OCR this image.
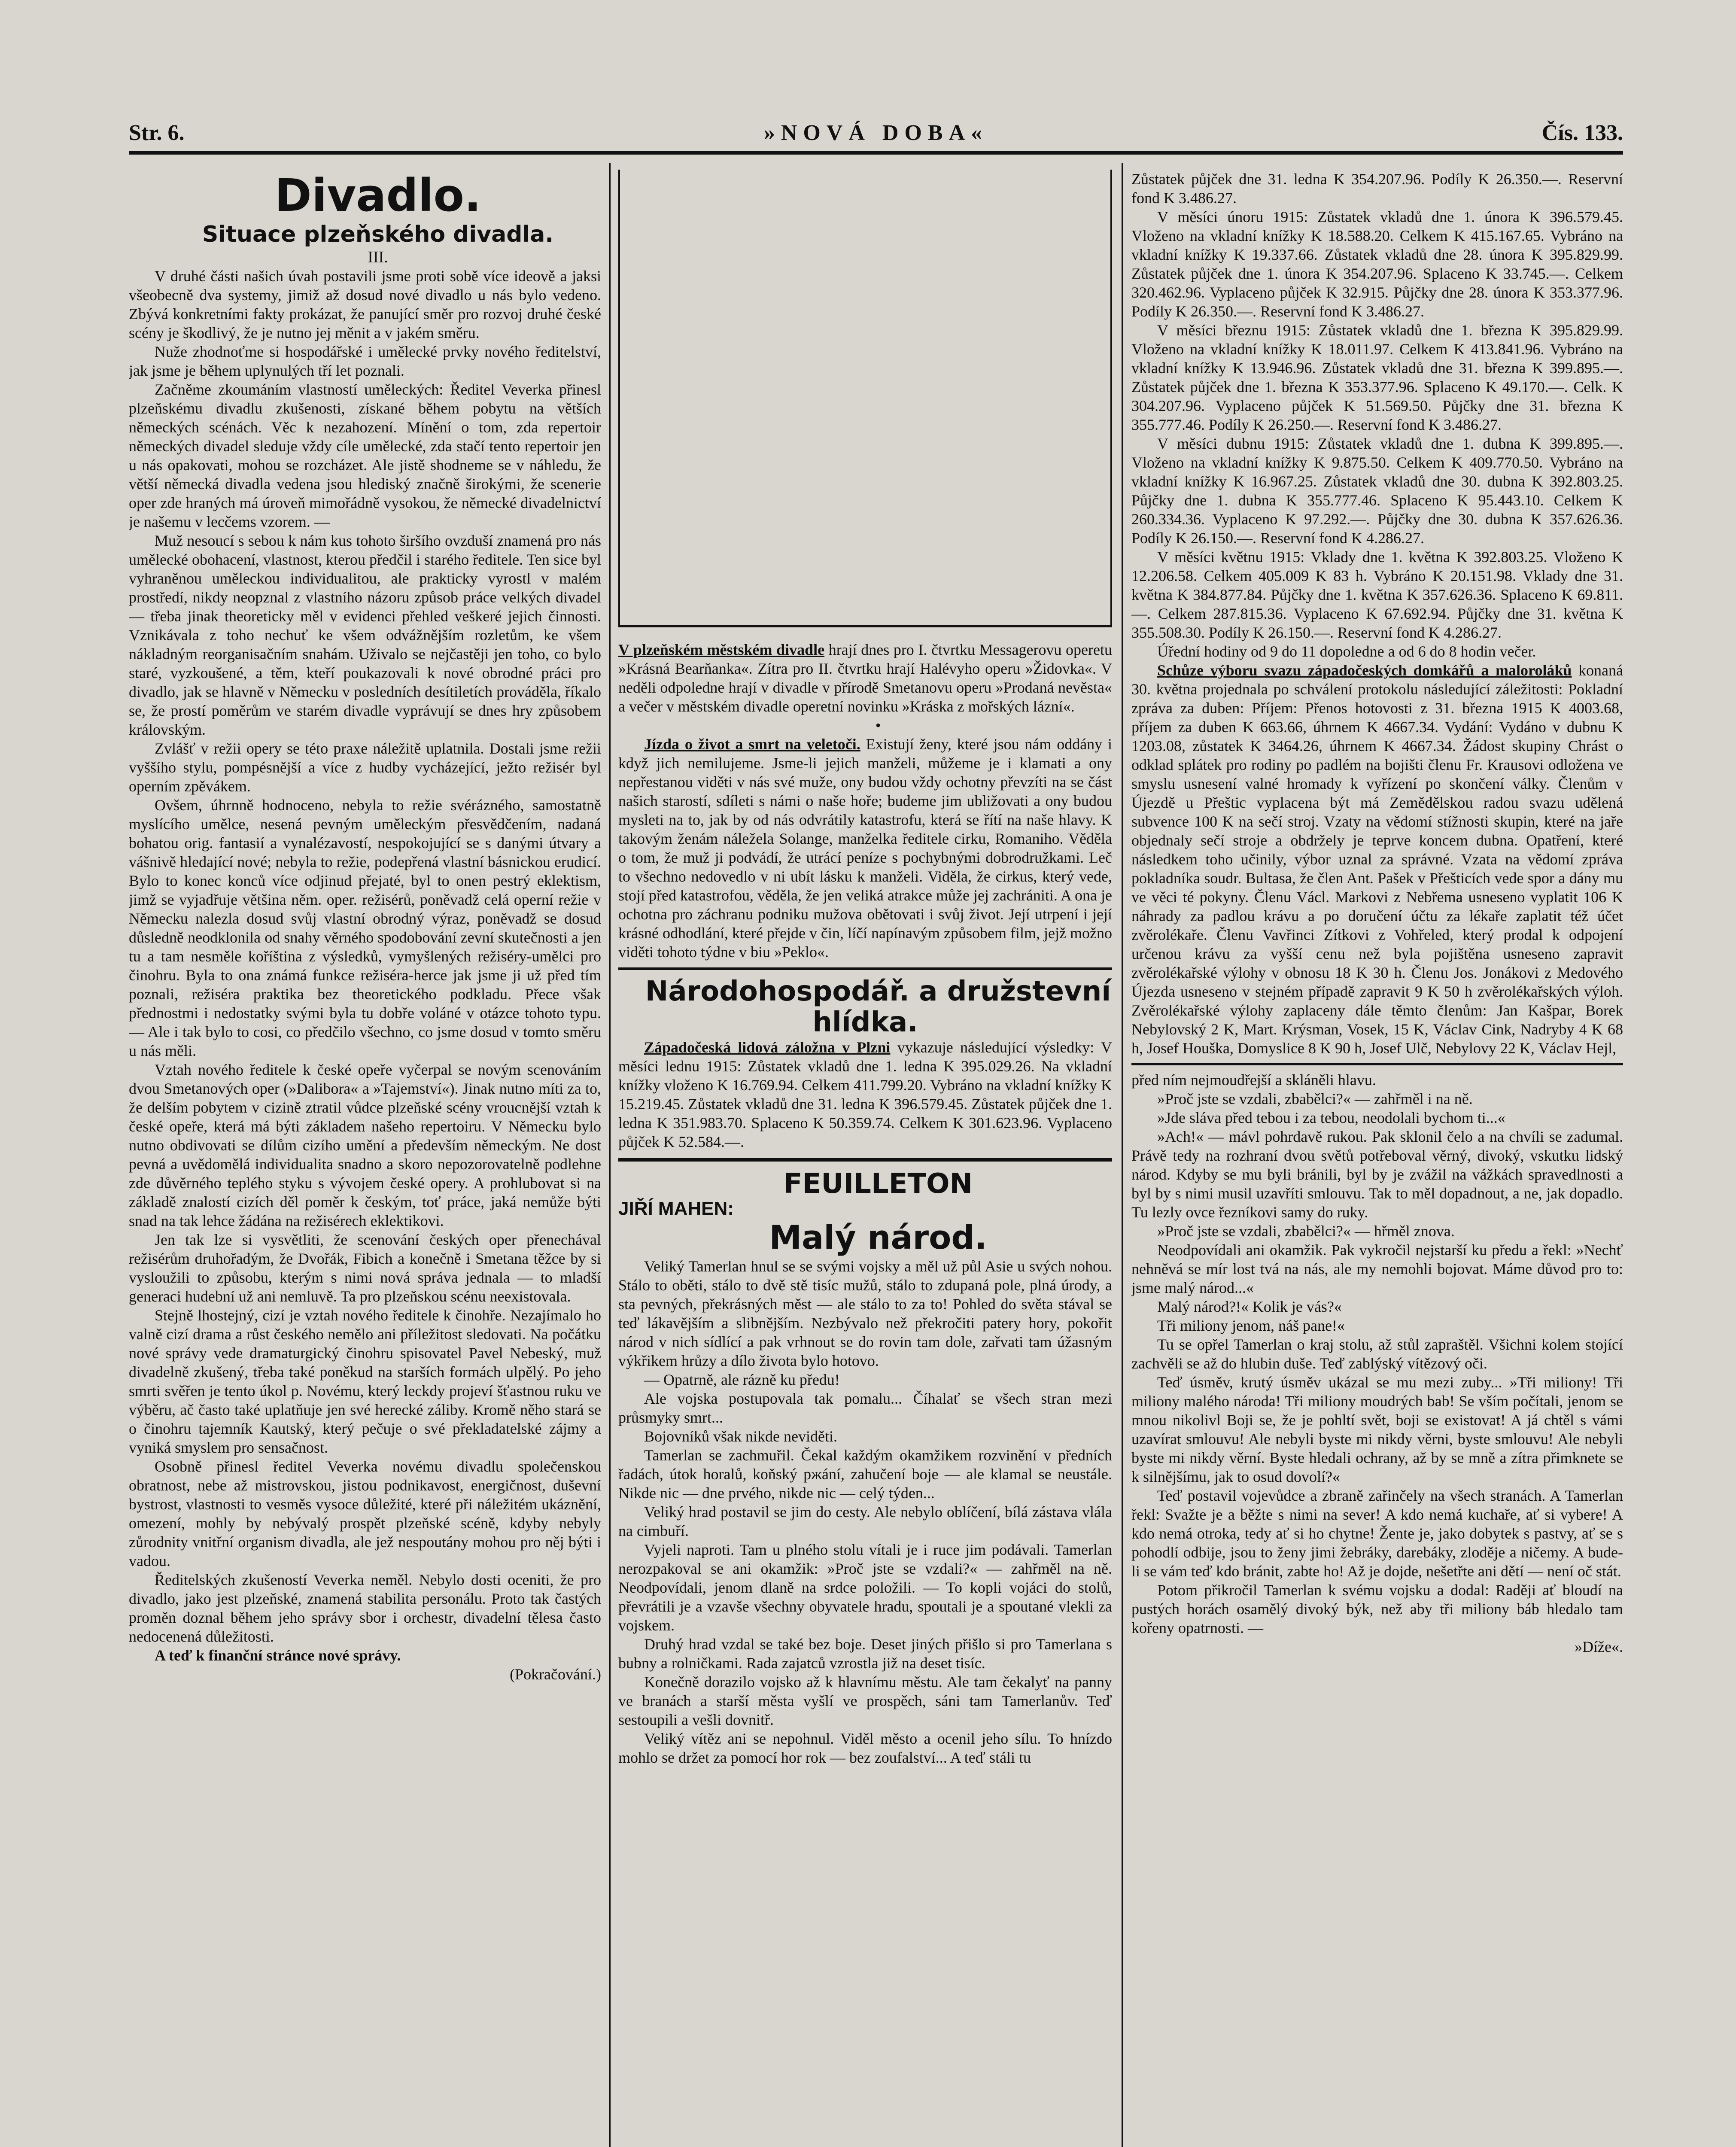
Str. 6.	»NOVÁ DOBA«	Čís. 133.

Divadlo.

Situace plzeňského divadla.

III.

V druhé části našich úvah postavili jsme proti sobě více ideově a jaksi všeobecně dva systemy, jimiž až dosud nové divadlo u nás bylo vedeno. Zbývá konkretními fakty prokázat, že panující směr pro rozvoj druhé české scény je škodlivý, že je nutno jej měnit a v jakém směru.

Nuže zhodnoťme si hospodářské i umělecké prvky nového ředitelství, jak jsme je během uplynulých tří let poznali.

Začněme zkoumáním vlastností uměleckých: Ředitel Veverka přinesl plzeňskému divadlu zkušenosti, získané během pobytu na větších německých scénách. Věc k nezahození. Mínění o tom, zda repertoir německých divadel sleduje vždy cíle umělecké, zda stačí tento repertoir jen u nás opakovati, mohou se rozcházet. Ale jistě shodneme se v náhledu, že větší německá divadla vedena jsou hlediský značně širokými, že scenerie oper zde hraných má úroveň mimořádně vysokou, že německé divadelnictví je našemu v lecčems vzorem. —

Muž nesoucí s sebou k nám kus tohoto širšího ovzduší znamená pro nás umělecké obohacení, vlastnost, kterou předčil i starého ředitele. Ten sice byl vyhraněnou uměleckou individualitou, ale prakticky vyrostl v malém prostředí, nikdy neopznal z vlastního názoru způsob práce velkých divadel — třeba jinak theoreticky měl v evidenci přehled veškeré jejich činnosti. Vznikávala z toho nechuť ke všem odvážnějším rozletům, ke všem nákladným reorganisačním snahám. Uživalo se nejčastěji jen toho, co bylo staré, vyzkoušené, a těm, kteří poukazovali k nové obrodné práci pro divadlo, jak se hlavně v Německu v posledních desítiletích prováděla, říkalo se, že prostí poměrům ve starém divadle vyprávují se dnes hry způsobem královským.

Zvlášť v režii opery se této praxe náležitě uplatnila. Dostali jsme režii vyššího stylu, pompésnější a více z hudby vycházející, ježto režisér byl operním zpěvákem.

Ovšem, úhrnně hodnoceno, nebyla to režie svérázného, samostatně myslícího umělce, nesená pevným uměleckým přesvědčením, nadaná bohatou orig. fantasií a vynalézavostí, nespokojující se s danými útvary a vášnivě hledající nové; nebyla to režie, podepřená vlastní básnickou erudicí. Bylo to konec konců více odjinud přejaté, byl to onen pestrý eklektism, jimž se vyjadřuje většina něm. oper. režisérů, poněvadž celá operní režie v Německu nalezla dosud svůj vlastní obrodný výraz, poněvadž se dosud důsledně neodklonila od snahy věrného spodobování zevní skutečnosti a jen tu a tam nesměle koříština z výsledků, vymyšlených režiséry-umělci pro činohru. Byla to ona známá funkce režiséra-herce jak jsme ji už před tím poznali, režiséra praktika bez theoretického podkladu. Přece však přednostmi i nedostatky svými byla tu dobře voláné v otázce tohoto typu. — Ale i tak bylo to cosi, co předčilo všechno, co jsme dosud v tomto směru u nás měli.

Vztah nového ředitele k české opeře vyčerpal se novým scenováním dvou Smetanových oper (»Dalibora« a »Tajemství«). Jinak nutno míti za to, že delším pobytem v cizině ztratil vůdce plzeňské scény vroucnější vztah k české opeře, která má býti základem našeho repertoiru. V Německu bylo nutno obdivovati se dílům cizího umění a především německým. Ne dost pevná a uvědomělá individualita snadno a skoro nepozorovatelně podlehne zde důvěrného teplého styku s vývojem české opery. A prohlubovat si na základě znalostí cizích děl poměr k českým, toť práce, jaká nemůže býti snad na tak lehce žádána na režisérech eklektikovi.

Jen tak lze si vysvětliti, že scenování českých oper přenechával režisérům druhořadým, že Dvořák, Fibich a konečně i Smetana těžce by si vysloužili to způsobu, kterým s nimi nová správa jednala — to mladší generaci hudební už ani nemluvě. Ta pro plzeňskou scénu neexistovala.

Stejně lhostejný, cizí je vztah nového ředitele k činohře. Nezajímalo ho valně cizí drama a růst českého nemělo ani příležitost sledovati. Na počátku nové správy vede dramaturgický činohru spisovatel Pavel Nebeský, muž divadelně zkušený, třeba také poněkud na starších formách ulpělý. Po jeho smrti svěřen je tento úkol p. Novému, který leckdy projeví šťastnou ruku ve výběru, ač často také uplatňuje jen své herecké záliby. Kromě něho stará se o činohru tajemník Kautský, který pečuje o své překladatelské zájmy a vyniká smyslem pro sensačnost.

Osobně přinesl ředitel Veverka novému divadlu společenskou obratnost, nebe až mistrovskou, jistou podnikavost, energičnost, duševní bystrost, vlastnosti to vesměs vysoce důležité, které při náležitém ukáznění, omezení, mohly by nebývalý prospět plzeňské scéně, kdyby nebyly zůrodnity vnitřní organism divadla, ale jež nespoutány mohou pro něj býti i vadou.

Ředitelských zkušeností Veverka neměl. Nebylo dosti oceniti, že pro divadlo, jako jest plzeňské, znamená stabilita personálu. Proto tak častých proměn doznal během jeho správy sbor i orchestr, divadelní tělesa často nedocenená důležitosti.

A teď k finanční stránce nové správy.

(Pokračování.)

V plzeňském městském divadle hrají dnes pro I. čtvrtku Messagerovu operetu »Krásná Bearňanka«. Zítra pro II. čtvrtku hrají Halévyho operu »Židovka«. V neděli odpoledne hrají v divadle v přírodě Smetanovu operu »Prodaná nevěsta« a večer v městském divadle operetní novinku »Kráska z mořských lázní«.

•

Jízda o život a smrt na veletoči. Existují ženy, které jsou nám oddány i když jich nemilujeme. Jsme-li jejich manželi, můžeme je i klamati a ony nepřestanou viděti v nás své muže, ony budou vždy ochotny převzíti na se část našich starostí, sdíleti s námi o naše hoře; budeme jim ubližovati a ony budou mysleti na to, jak by od nás odvrátily katastrofu, která se řítí na naše hlavy. K takovým ženám náležela Solange, manželka ředitele cirku, Romaniho. Věděla o tom, že muž ji podvádí, že utrácí peníze s pochybnými dobrodružkami. Leč to všechno nedovedlo v ni ubít lásku k manželi. Viděla, že cirkus, který vede, stojí před katastrofou, věděla, že jen veliká atrakce může jej zachrániti. A ona je ochotna pro záchranu podniku mužova obětovati i svůj život. Její utrpení i její krásné odhodlání, které přejde v čin, líčí napínavým způsobem film, jejž možno viděti tohoto týdne v biu »Peklo«.

Národohospodář. a družstevní hlídka.

Západočeská lidová záložna v Plzni vykazuje následující výsledky: V měsíci lednu 1915: Zůstatek vkladů dne 1. ledna K 395.029.26. Na vkladní knížky vloženo K 16.769.94. Celkem 411.799.20. Vybráno na vkladní knížky K 15.219.45. Zůstatek vkladů dne 31. ledna K 396.579.45. Zůstatek půjček dne 1. ledna K 351.983.70. Splaceno K 50.359.74. Celkem K 301.623.96. Vyplaceno půjček K 52.584.—.

FEUILLETON

JIŘÍ MAHEN:

Malý národ.

Veliký Tamerlan hnul se se svými vojsky a měl už půl Asie u svých nohou. Stálo to oběti, stálo to dvě stě tisíc mužů, stálo to zdupaná pole, plná úrody, a sta pevných, překrásných měst — ale stálo to za to! Pohled do světa stával se teď lákavějším a slibnějším. Nezbývalo než překročiti patery hory, pokořit národ v nich sídlící a pak vrhnout se do rovin tam dole, zařvati tam úžasným výkřikem hrůzy a dílo života bylo hotovo.

— Opatrně, ale rázně ku předu!

Ale vojska postupovala tak pomalu... Číhalať se všech stran mezi průsmyky smrt...

Bojovníků však nikde neviděti.

Tamerlan se zachmuřil. Čekal každým okamžikem rozvinění v předních řadách, útok horalů, koňský ржání, zahučení boje — ale klamal se neustále. Nikde nic — dne prvého, nikde nic — celý týden...

Veliký hrad postavil se jim do cesty. Ale nebylo oblíčení, bílá zástava vlála na cimbuří.

Vyjeli naproti. Tam u plného stolu vítali je i ruce jim podávali. Tamerlan nerozpakoval se ani okamžik: »Proč jste se vzdali?« — zahřměl na ně. Neodpovídali, jenom dlaně na srdce položili. — To kopli vojáci do stolů, převrátili je a vzavše všechny obyvatele hradu, spoutali je a spoutané vlekli za vojskem.

Druhý hrad vzdal se také bez boje. Deset jiných přišlo si pro Tamerlana s bubny a rolničkami. Rada zajatců vzrostla již na deset tisíc.

Konečně dorazilo vojsko až k hlavnímu městu. Ale tam čekalyť na panny ve branách a starší města vyšlí ve prospěch, sáni tam Tamerlanův. Teď sestoupili a vešli dovnitř.

Veliký vítěz ani se nepohnul. Viděl město a ocenil jeho sílu. To hnízdo mohlo se držet za pomocí hor rok — bez zoufalství... A teď stáli tu

Zůstatek půjček dne 31. ledna K 354.207.96. Podíly K 26.350.—. Reservní fond K 3.486.27.

V měsíci únoru 1915: Zůstatek vkladů dne 1. února K 396.579.45. Vloženo na vkladní knížky K 18.588.20. Celkem K 415.167.65. Vybráno na vkladní knížky K 19.337.66. Zůstatek vkladů dne 28. února K 395.829.99. Zůstatek půjček dne 1. února K 354.207.96. Splaceno K 33.745.—. Celkem 320.462.96. Vyplaceno půjček K 32.915. Půjčky dne 28. února K 353.377.96. Podíly K 26.350.—. Reservní fond K 3.486.27.

V měsíci březnu 1915: Zůstatek vkladů dne 1. března K 395.829.99. Vloženo na vkladní knížky K 18.011.97. Celkem K 413.841.96. Vybráno na vkladní knížky K 13.946.96. Zůstatek vkladů dne 31. března K 399.895.—. Zůstatek půjček dne 1. března K 353.377.96. Splaceno K 49.170.—. Celk. K 304.207.96. Vyplaceno půjček K 51.569.50. Půjčky dne 31. března K 355.777.46. Podíly K 26.250.—. Reservní fond K 3.486.27.

V měsíci dubnu 1915: Zůstatek vkladů dne 1. dubna K 399.895.—. Vloženo na vkladní knížky K 9.875.50. Celkem K 409.770.50. Vybráno na vkladní knížky K 16.967.25. Zůstatek vkladů dne 30. dubna K 392.803.25. Půjčky dne 1. dubna K 355.777.46. Splaceno K 95.443.10. Celkem K 260.334.36. Vyplaceno K 97.292.—. Půjčky dne 30. dubna K 357.626.36. Podíly K 26.150.—. Reservní fond K 4.286.27.

V měsíci květnu 1915: Vklady dne 1. května K 392.803.25. Vloženo K 12.206.58. Celkem 405.009 K 83 h. Vybráno K 20.151.98. Vklady dne 31. května K 384.877.84. Půjčky dne 1. května K 357.626.36. Splaceno K 69.811.—. Celkem 287.815.36. Vyplaceno K 67.692.94. Půjčky dne 31. května K 355.508.30. Podíly K 26.150.—. Reservní fond K 4.286.27.

Úřední hodiny od 9 do 11 dopoledne a od 6 do 8 hodin večer.

Schůze výboru svazu západočeských domkářů a maloroláků konaná 30. května projednala po schválení protokolu následující záležitosti: Pokladní zpráva za duben: Příjem: Přenos hotovosti z 31. března 1915 K 4003.68, příjem za duben K 663.66, úhrnem K 4667.34. Vydání: Vydáno v dubnu K 1203.08, zůstatek K 3464.26, úhrnem K 4667.34. Žádost skupiny Chrást o odklad splátek pro rodiny po padlém na bojišti členu Fr. Krausovi odložena ve smyslu usnesení valné hromady k vyřízení po skončení války. Členům v Újezdě u Přeštic vyplacena být má Zemědělskou radou svazu udělená subvence 100 K na sečí stroj. Vzaty na vědomí stížnosti skupin, které na jaře objednaly sečí stroje a obdržely je teprve koncem dubna. Opatření, které následkem toho učinily, výbor uznal za správné. Vzata na vědomí zpráva pokladníka soudr. Bultasa, že člen Ant. Pašek v Přešticích vede spor a dány mu ve věci té pokyny. Členu Václ. Markovi z Nebřema usneseno vyplatit 106 K náhrady za padlou krávu a po doručení účtu za lékaře zaplatit též účet zvěrolékaře. Členu Vavřinci Zítkovi z Vohřeled, který prodal k odpojení určenou krávu za vyšší cenu než byla pojištěna usneseno zapravit zvěrolékařské výlohy v obnosu 18 K 30 h. Členu Jos. Jonákovi z Medového Újezda usneseno v stejném případě zapravit 9 K 50 h zvěrolékařských výloh. Zvěrolékařské výlohy zaplaceny dále těmto členům: Jan Kašpar, Borek Nebylovský 2 K, Mart. Krýsman, Vosek, 15 K, Václav Cink, Nadryby 4 K 68 h, Josef Houška, Domyslice 8 K 90 h, Josef Ulč, Nebylovy 22 K, Václav Hejl,

před ním nejmoudřejší a skláněli hlavu.

»Proč jste se vzdali, zbabělci?« — zahřměl i na ně.

»Jde sláva před tebou i za tebou, neodolali bychom ti...«

»Ach!« — mávl pohrdavě rukou. Pak sklonil čelo a na chvíli se zadumal. Právě tedy na rozhraní dvou světů potřeboval věrný, divoký, vskutku lidský národ. Kdyby se mu byli bránili, byl by je zvážil na vážkách spravedlnosti a byl by s nimi musil uzavříti smlouvu. Tak to měl dopadnout, a ne, jak dopadlo. Tu lezly ovce řezníkovi samy do ruky.

»Proč jste se vzdali, zbabělci?« — hřměl znova.

Neodpovídali ani okamžik. Pak vykročil nejstarší ku předu a řekl: »Nechť nehněvá se mír lost tvá na nás, ale my nemohli bojovat. Máme důvod pro to: jsme malý národ...«

Malý národ?!« Kolik je vás?«

Tři miliony jenom, náš pane!«

Tu se opřel Tamerlan o kraj stolu, až stůl zapraštěl. Všichni kolem stojící zachvěli se až do hlubin duše. Teď zablýský vítězový oči.

Teď úsměv, krutý úsměv ukázal se mu mezi zuby... »Tři miliony! Tři miliony malého národa! Tři miliony moudrých bab! Se vším počítali, jenom se mnou nikolivl Boji se, že je pohltí svět, boji se existovat! A já chtěl s vámi uzavírat smlouvu! Ale nebyli byste mi nikdy věrni, byste smlouvu! Ale nebyli byste mi nikdy věrní. Byste hledali ochrany, až by se mně a zítra přimknete se k silnějšímu, jak to osud dovolí?«

Teď postavil vojevůdce a zbraně zařinčely na všech stranách. A Tamerlan řekl: Svažte je a běžte s nimi na sever! A kdo nemá kuchaře, ať si vybere! A kdo nemá otroka, tedy ať si ho chytne! Žente je, jako dobytek s pastvy, ať se s pohodlí odbije, jsou to ženy jimi žebráky, darebáky, zloděje a ničemy. A bude-li se vám teď kdo bránit, zabte ho! Až je dojde, nešetřte ani dětí — není oč stát.

Potom přikročil Tamerlan k svému vojsku a dodal: Raději ať bloudí na pustých horách osamělý divoký býk, než aby tři miliony báb hledalo tam kořeny opatrnosti. —

»Díže«.
